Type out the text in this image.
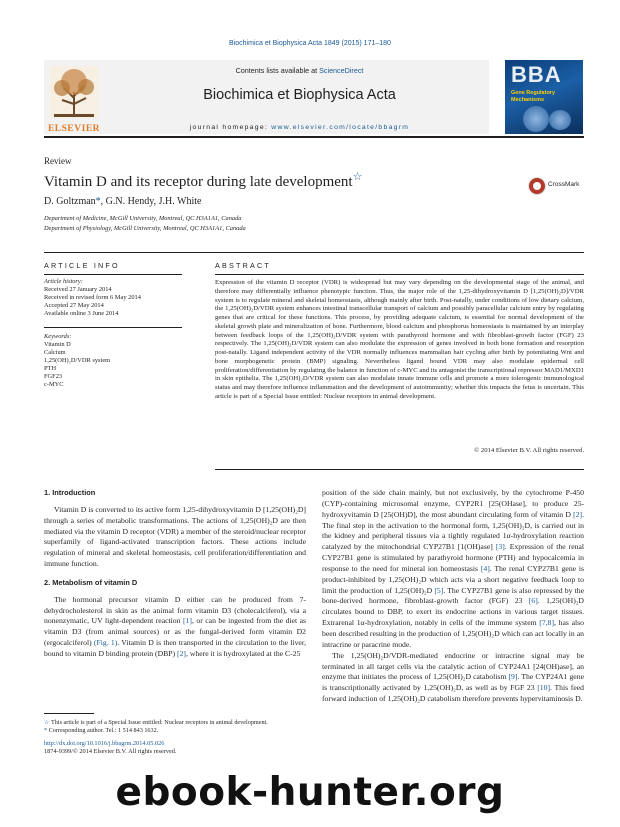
Biochimica et Biophysica Acta 1849 (2015) 171–180
ELSEVIER
Contents lists available at ScienceDirect
Biochimica et Biophysica Acta
journal homepage: www.elsevier.com/locate/bbagrm
BBA
Gene Regulatory
Mechanisms
Review
Vitamin D and its receptor during late development☆
CrossMark
D. Goltzman*, G.N. Hendy, J.H. White
Department of Medicine, McGill University, Montreal, QC H3A1A1, Canada
Department of Physiology, McGill University, Montreal, QC H3A1A1, Canada
ARTICLE INFO
Article history:
Received 27 January 2014
Received in revised form 6 May 2014
Accepted 27 May 2014
Available online 3 June 2014
Keywords:
Vitamin D
Calcium
1,25(OH)₂D/VDR system
PTH
FGF23
c-MYC
ABSTRACT
Expression of the vitamin D receptor (VDR) is widespread but may vary depending on the developmental stage of the animal, and therefore may differentially influence phenotypic function. Thus, the major role of the 1,25-dihydroxyvitamin D [1,25(OH)₂D]/VDR system is to regulate mineral and skeletal homeostasis, although mainly after birth. Post-natally, under conditions of low dietary calcium, the 1,25(OH)₂D/VDR system enhances intestinal transcellular transport of calcium and possibly paracellular calcium entry by regulating genes that are critical for these functions. This process, by providing adequate calcium, is essential for normal development of the skeletal growth plate and mineralization of bone. Furthermore, blood calcium and phosphorus homeostasis is maintained by an interplay between feedback loops of the 1,25(OH)₂D/VDR system with parathyroid hormone and with fibroblast-growth factor (FGF) 23 respectively. The 1,25(OH)₂D/VDR system can also modulate the expression of genes involved in both bone formation and resorption post-natally. Ligand independent activity of the VDR normally influences mammalian hair cycling after birth by potentiating Wnt and bone morphogenetic protein (BMP) signaling. Nevertheless ligand bound VDR may also modulate epidermal cell proliferation/differentiation by regulating the balance in function of c-MYC and its antagonist the transcriptional repressor MAD1/MXD1 in skin epithelia. The 1,25(OH)₂D/VDR system can also modulate innate immune cells and promote a more tolerogenic immunological status and may therefore influence inflammation and the development of autoimmunity; whether this impacts the fetus is uncertain. This article is part of a Special Issue entitled: Nuclear receptors in animal development.
© 2014 Elsevier B.V. All rights reserved.
1. Introduction

Vitamin D is converted to its active form 1,25-dihydroxyvitamin D [1,25(OH)₂D] through a series of metabolic transformations. The actions of 1,25(OH)₂D are then mediated via the vitamin D receptor (VDR) a member of the steroid/nuclear receptor superfamily of ligand-activated transcription factors. These actions include regulation of mineral and skeletal homeostasis, cell proliferation/differentiation and immune function.

2. Metabolism of vitamin D

The hormonal precursor vitamin D either can be produced from 7-dehydrocholesterol in skin as the animal form vitamin D3 (cholecalciferol), via a nonenzymatic, UV light-dependent reaction [1], or can be ingested from the diet as vitamin D3 (from animal sources) or as the fungal-derived form vitamin D2 (ergocalciferol) (Fig. 1). Vitamin D is then transported in the circulation to the liver, bound to vitamin D binding protein (DBP) [2], where it is hydroxylated at the C-25

position of the side chain mainly, but not exclusively, by the cytochrome P-450 (CYP)-containing microsomal enzyme, CYP2R1 [25(OHase], to produce 25-hydroxyvitamin D [25(OH)D], the most abundant circulating form of vitamin D [2]. The final step in the activation to the hormonal form, 1,25(OH)₂D, is carried out in the kidney and peripheral tissues via a tightly regulated 1α-hydroxylation reaction catalyzed by the mitochondrial CYP27B1 [1(OH)ase] [3]. Expression of the renal CYP27B1 gene is stimulated by parathyroid hormone (PTH) and hypocalcemia in response to the need for mineral ion homeostasis [4]. The renal CYP27B1 gene is product-inhibited by 1,25(OH)₂D which acts via a short negative feedback loop to limit the production of 1,25(OH)₂D [5]. The CYP27B1 gene is also repressed by the bone-derived hormone, fibroblast-growth factor (FGF) 23 [6]. 1,25(OH)₂D circulates bound to DBP, to exert its endocrine actions in various target tissues. Extrarenal 1α-hydroxylation, notably in cells of the immune system [7,8], has also been described resulting in the production of 1,25(OH)₂D which can act locally in an intracrine or paracrine mode.

The 1,25(OH)₂D/VDR-mediated endocrine or intracrine signal may be terminated in all target cells via the catalytic action of CYP24A1 [24(OH)ase], an enzyme that initiates the process of 1,25(OH)₂D catabolism [9]. The CYP24A1 gene is transcriptionally activated by 1,25(OH)₂D, as well as by FGF 23 [10]. This feed forward induction of 1,25(OH)₂D catabolism therefore prevents hypervitaminosis D.

☆ This article is part of a Special Issue entitled: Nuclear receptors in animal development.
* Corresponding author. Tel.: 1 514 843 1632.
http://dx.doi.org/10.1016/j.bbagrm.2014.05.026
1874-9399/© 2014 Elsevier B.V. All rights reserved.
ebook-hunter.org
